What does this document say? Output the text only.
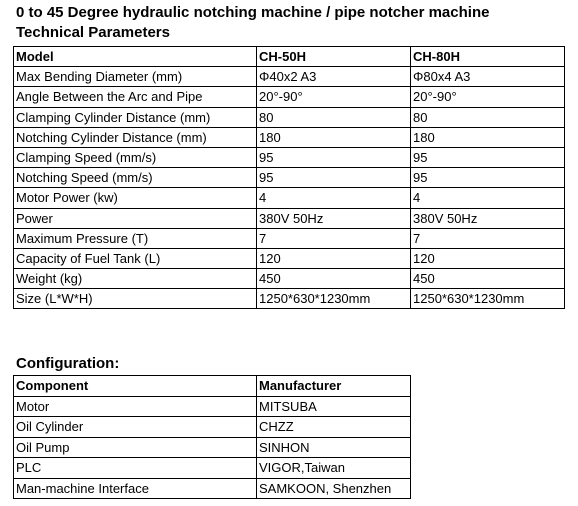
0 to 45 Degree hydraulic notching machine / pipe notcher machine
Technical Parameters
Model	CH-50H	CH-80H
Max Bending Diameter (mm)	Φ40x2 A3	Φ80x4 A3
Angle Between the Arc and Pipe	20°-90°	20°-90°
Clamping Cylinder Distance (mm)	80	80
Notching Cylinder Distance (mm)	180	180
Clamping Speed (mm/s)	95	95
Notching Speed (mm/s)	95	95
Motor Power (kw)	4	4
Power	380V 50Hz	380V 50Hz
Maximum Pressure (T)	7	7
Capacity of Fuel Tank (L)	120	120
Weight (kg)	450	450
Size (L*W*H)	1250*630*1230mm	1250*630*1230mm
Configuration:
Component	Manufacturer
Motor	MITSUBA
Oil Cylinder	CHZZ
Oil Pump	SINHON
PLC	VIGOR,Taiwan
Man-machine Interface	SAMKOON, Shenzhen
